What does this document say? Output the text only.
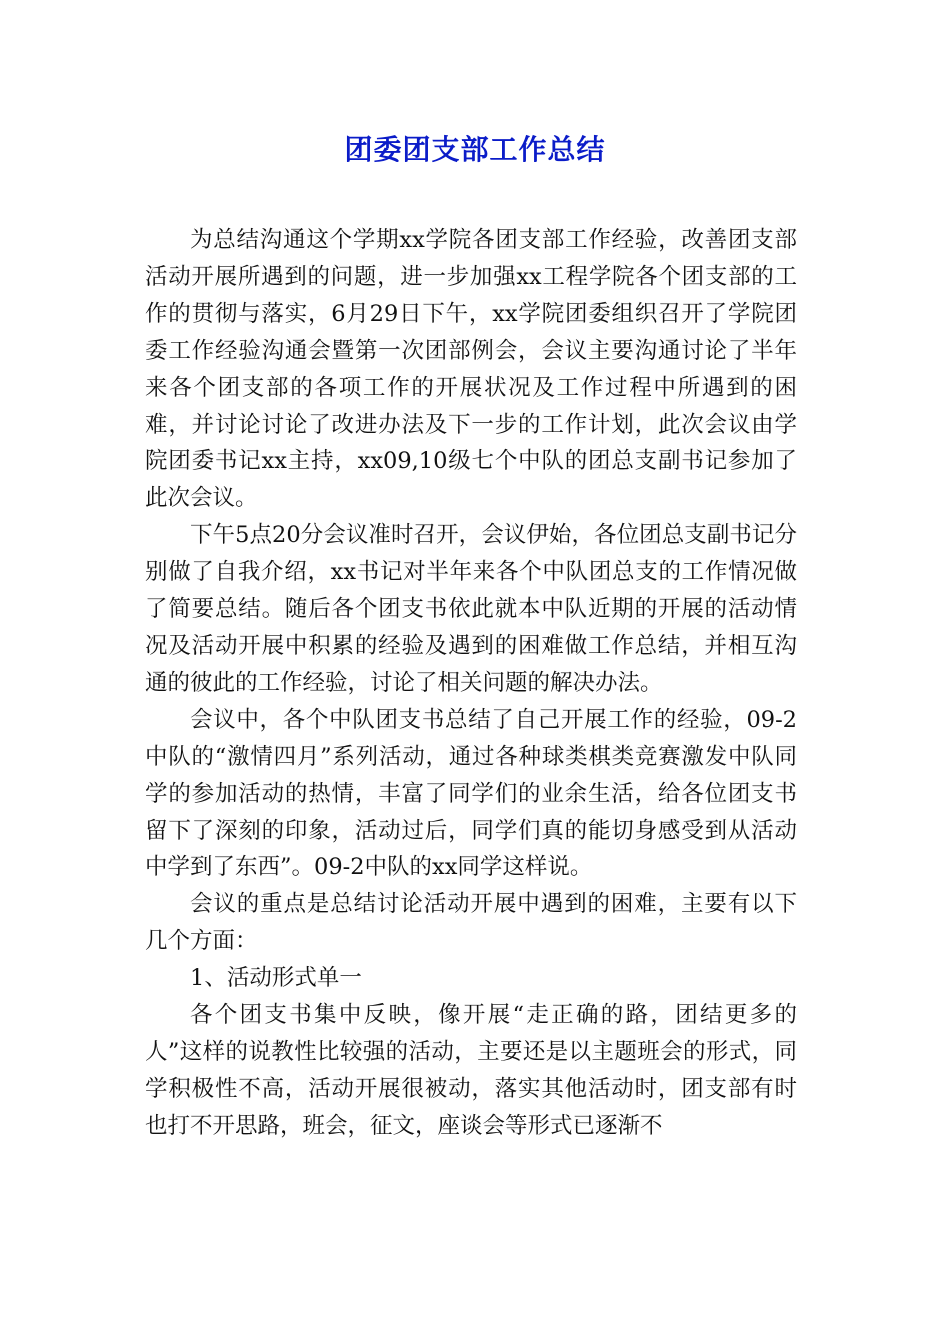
团委团支部工作总结

为总结沟通这个学期xx学院各团支部工作经验，改善团支部活动开展所遇到的问题，进一步加强xx工程学院各个团支部的工作的贯彻与落实，6月29日下午，xx学院团委组织召开了学院团委工作经验沟通会暨第一次团部例会，会议主要沟通讨论了半年来各个团支部的各项工作的开展状况及工作过程中所遇到的困难，并讨论讨论了改进办法及下一步的工作计划，此次会议由学院团委书记xx主持，xx09,10级七个中队的团总支副书记参加了此次会议。

下午5点20分会议准时召开，会议伊始，各位团总支副书记分别做了自我介绍，xx书记对半年来各个中队团总支的工作情况做了简要总结。随后各个团支书依此就本中队近期的开展的活动情况及活动开展中积累的经验及遇到的困难做工作总结，并相互沟通的彼此的工作经验，讨论了相关问题的解决办法。

会议中，各个中队团支书总结了自己开展工作的经验，09-2中队的“激情四月”系列活动，通过各种球类棋类竞赛激发中队同学的参加活动的热情，丰富了同学们的业余生活，给各位团支书留下了深刻的印象，活动过后，同学们真的能切身感受到从活动中学到了东西”。09-2中队的xx同学这样说。

会议的重点是总结讨论活动开展中遇到的困难，主要有以下几个方面：

1、活动形式单一

各个团支书集中反映，像开展“走正确的路，团结更多的人”这样的说教性比较强的活动，主要还是以主题班会的形式，同学积极性不高，活动开展很被动，落实其他活动时，团支部有时也打不开思路，班会，征文，座谈会等形式已逐渐不
